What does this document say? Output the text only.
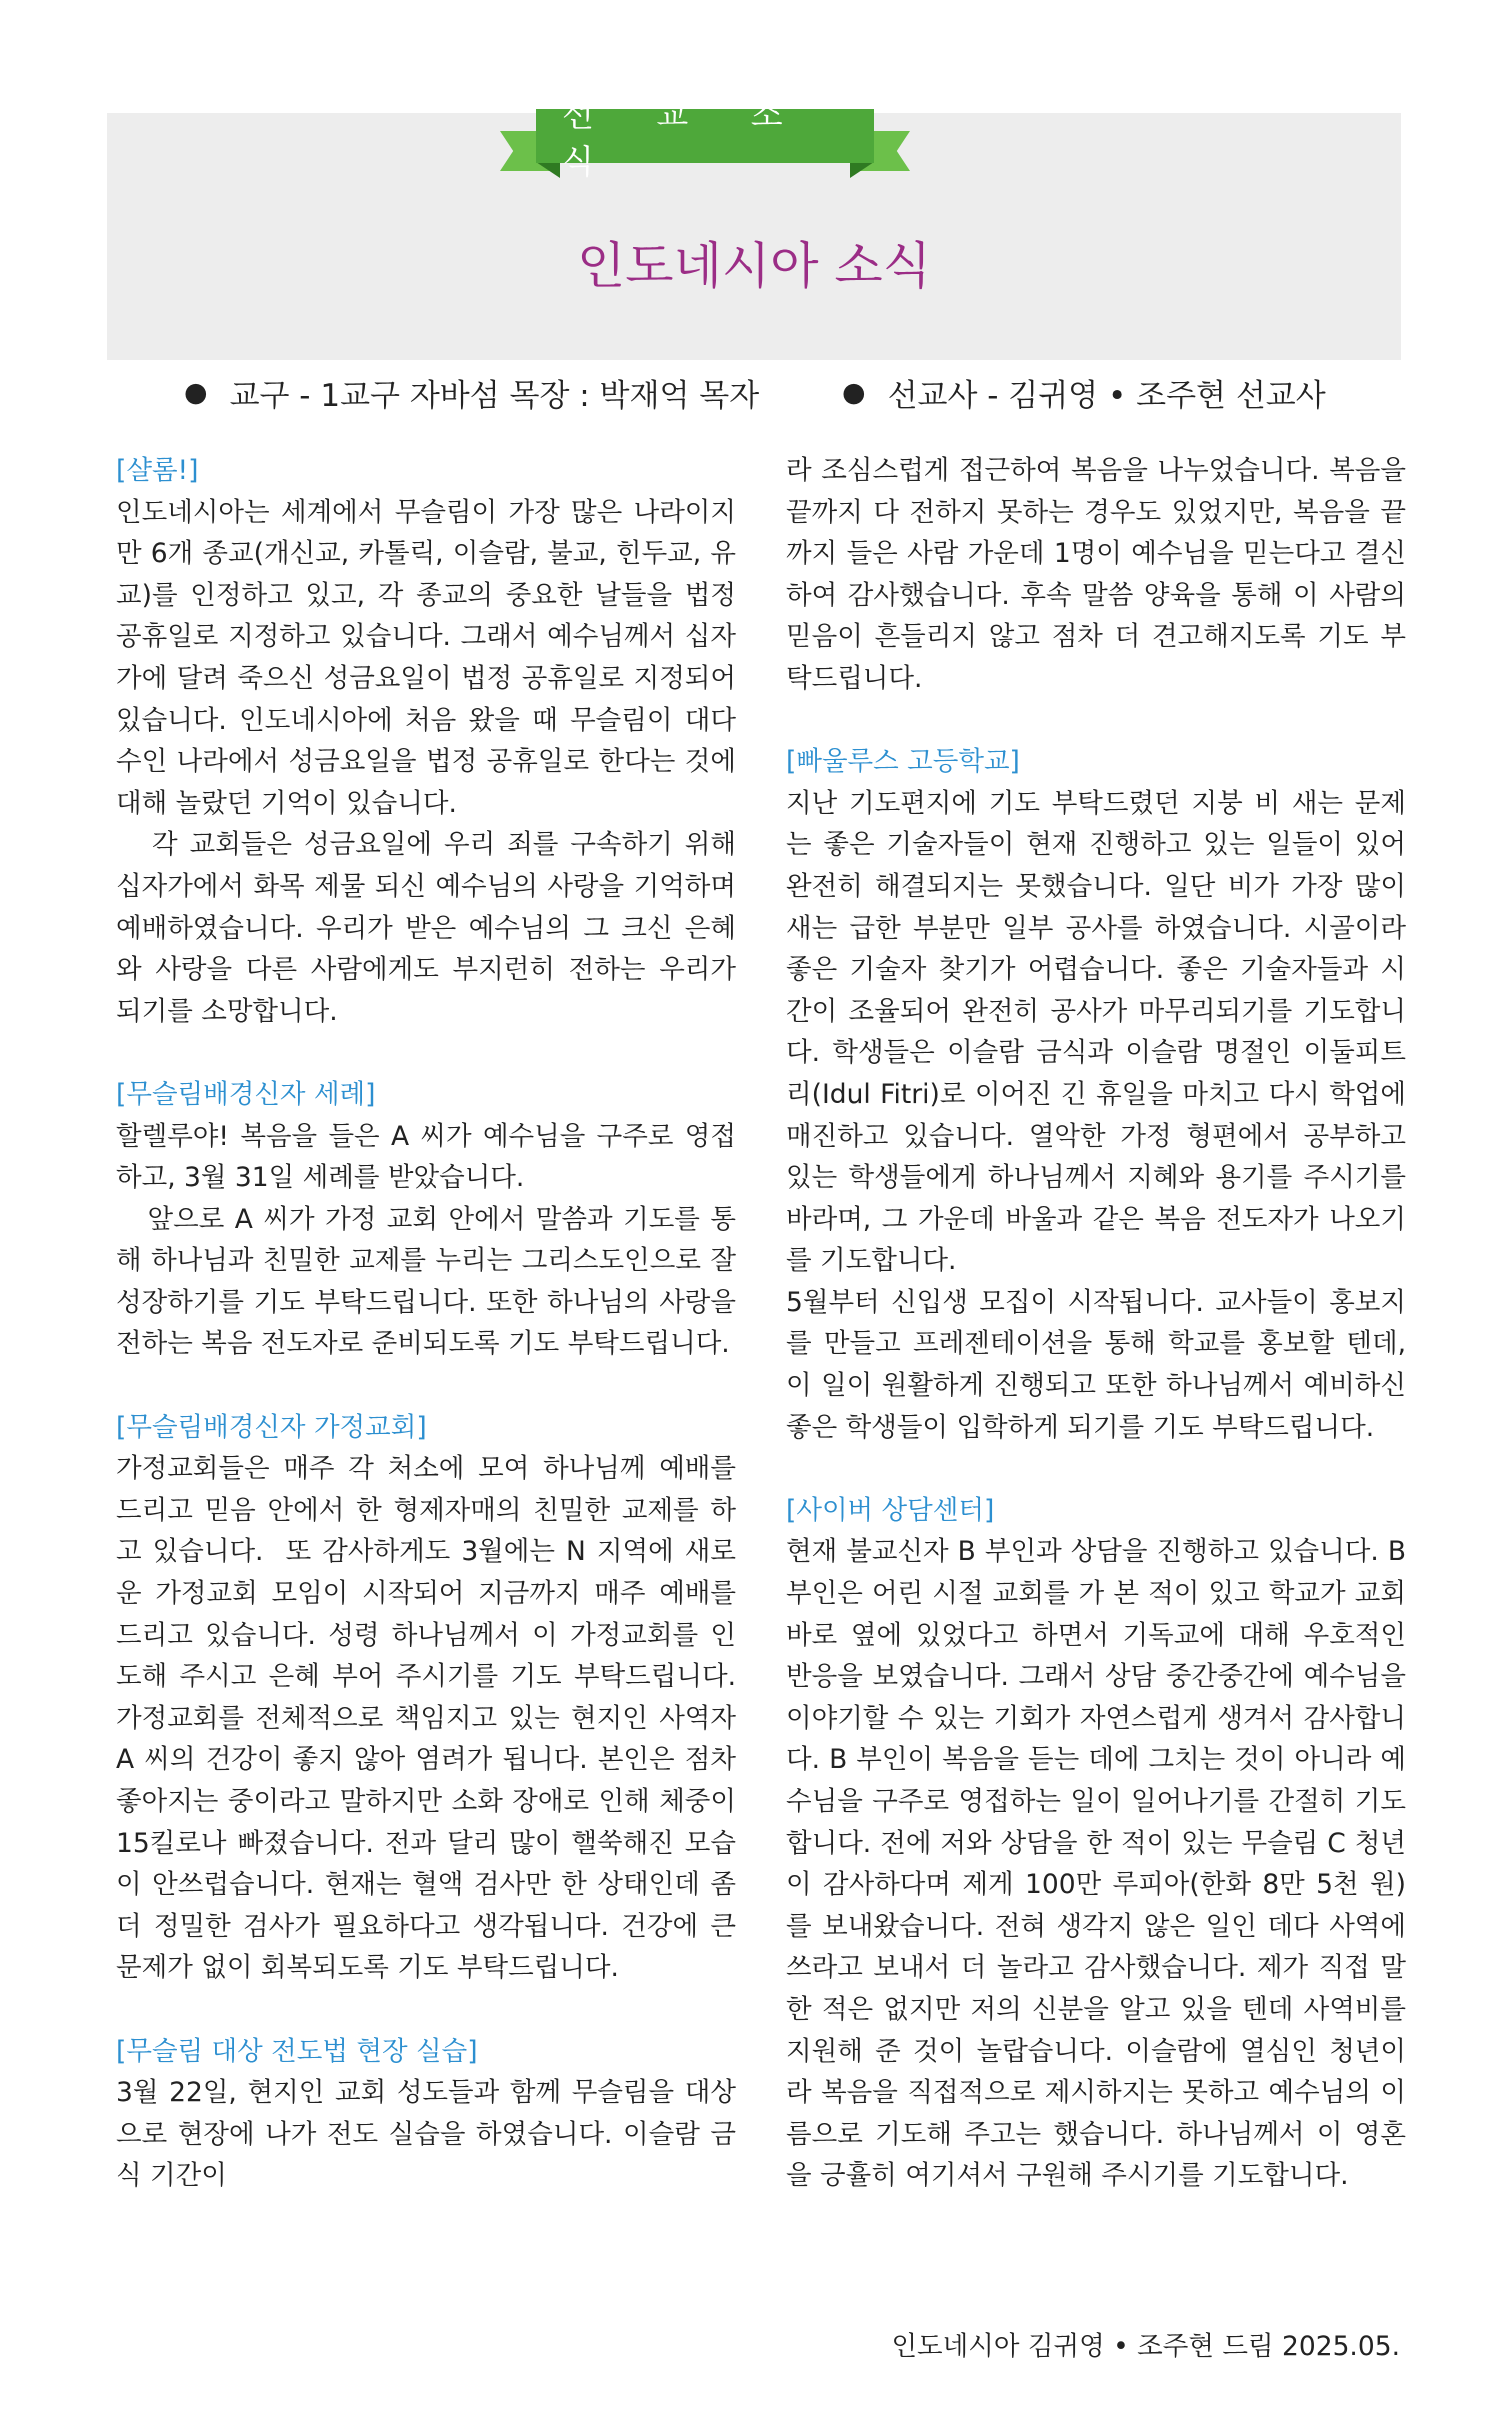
선 교 소 식
인도네시아 소식
● 교구 - 1교구 자바섬 목장 : 박재억 목자	● 선교사 - 김귀영 • 조주현 선교사

[샬롬!]

인도네시아는 세계에서 무슬림이 가장 많은 나라이지만 6개 종교(개신교, 카톨릭, 이슬람, 불교, 힌두교, 유교)를 인정하고 있고, 각 종교의 중요한 날들을 법정 공휴일로 지정하고 있습니다. 그래서 예수님께서 십자가에 달려 죽으신 성금요일이 법정 공휴일로 지정되어 있습니다. 인도네시아에 처음 왔을 때 무슬림이 대다수인 나라에서 성금요일을 법정 공휴일로 한다는 것에 대해 놀랐던 기억이 있습니다.

각 교회들은 성금요일에 우리 죄를 구속하기 위해 십자가에서 화목 제물 되신 예수님의 사랑을 기억하며 예배하였습니다. 우리가 받은 예수님의 그 크신 은혜와 사랑을 다른 사람에게도 부지런히 전하는 우리가 되기를 소망합니다.

[무슬림배경신자 세례]

할렐루야! 복음을 들은 A 씨가 예수님을 구주로 영접하고, 3월 31일 세례를 받았습니다.

앞으로 A 씨가 가정 교회 안에서 말씀과 기도를 통해 하나님과 친밀한 교제를 누리는 그리스도인으로 잘 성장하기를 기도 부탁드립니다. 또한 하나님의 사랑을 전하는 복음 전도자로 준비되도록 기도 부탁드립니다.

[무슬림배경신자 가정교회]

가정교회들은 매주 각 처소에 모여 하나님께 예배를 드리고 믿음 안에서 한 형제자매의 친밀한 교제를 하고 있습니다.  또 감사하게도 3월에는 N 지역에 새로운 가정교회 모임이 시작되어 지금까지 매주 예배를 드리고 있습니다. 성령 하나님께서 이 가정교회를 인도해 주시고 은혜 부어 주시기를 기도 부탁드립니다. 가정교회를 전체적으로 책임지고 있는 현지인 사역자 A 씨의 건강이 좋지 않아 염려가 됩니다. 본인은 점차 좋아지는 중이라고 말하지만 소화 장애로 인해 체중이 15킬로나 빠졌습니다. 전과 달리 많이 핼쑥해진 모습이 안쓰럽습니다. 현재는 혈액 검사만 한 상태인데 좀 더 정밀한 검사가 필요하다고 생각됩니다. 건강에 큰 문제가 없이 회복되도록 기도 부탁드립니다.

[무슬림 대상 전도법 현장 실습]

3월 22일, 현지인 교회 성도들과 함께 무슬림을 대상으로 현장에 나가 전도 실습을 하였습니다. 이슬람 금식 기간이

라 조심스럽게 접근하여 복음을 나누었습니다. 복음을 끝까지 다 전하지 못하는 경우도 있었지만, 복음을 끝까지 들은 사람 가운데 1명이 예수님을 믿는다고 결신하여 감사했습니다. 후속 말씀 양육을 통해 이 사람의 믿음이 흔들리지 않고 점차 더 견고해지도록 기도 부탁드립니다.

[빠울루스 고등학교]

지난 기도편지에 기도 부탁드렸던 지붕 비 새는 문제는 좋은 기술자들이 현재 진행하고 있는 일들이 있어 완전히 해결되지는 못했습니다. 일단 비가 가장 많이 새는 급한 부분만 일부 공사를 하였습니다. 시골이라 좋은 기술자 찾기가 어렵습니다. 좋은 기술자들과 시간이 조율되어 완전히 공사가 마무리되기를 기도합니다. 학생들은 이슬람 금식과 이슬람 명절인 이둘피트리(Idul Fitri)로 이어진 긴 휴일을 마치고 다시 학업에 매진하고 있습니다. 열악한 가정 형편에서 공부하고 있는 학생들에게 하나님께서 지혜와 용기를 주시기를 바라며, 그 가운데 바울과 같은 복음 전도자가 나오기를 기도합니다.

5월부터 신입생 모집이 시작됩니다. 교사들이 홍보지를 만들고 프레젠테이션을 통해 학교를 홍보할 텐데, 이 일이 원활하게 진행되고 또한 하나님께서 예비하신 좋은 학생들이 입학하게 되기를 기도 부탁드립니다.

[사이버 상담센터]

현재 불교신자 B 부인과 상담을 진행하고 있습니다. B 부인은 어린 시절 교회를 가 본 적이 있고 학교가 교회 바로 옆에 있었다고 하면서 기독교에 대해 우호적인 반응을 보였습니다. 그래서 상담 중간중간에 예수님을 이야기할 수 있는 기회가 자연스럽게 생겨서 감사합니다. B 부인이 복음을 듣는 데에 그치는 것이 아니라 예수님을 구주로 영접하는 일이 일어나기를 간절히 기도합니다. 전에 저와 상담을 한 적이 있는 무슬림 C 청년이 감사하다며 제게 100만 루피아(한화 8만 5천 원)를 보내왔습니다. 전혀 생각지 않은 일인 데다 사역에 쓰라고 보내서 더 놀라고 감사했습니다. 제가 직접 말한 적은 없지만 저의 신분을 알고 있을 텐데 사역비를 지원해 준 것이 놀랍습니다. 이슬람에 열심인 청년이라 복음을 직접적으로 제시하지는 못하고 예수님의 이름으로 기도해 주고는 했습니다. 하나님께서 이 영혼을 긍휼히 여기셔서 구원해 주시기를 기도합니다.

인도네시아 김귀영 • 조주현 드림 2025.05.
